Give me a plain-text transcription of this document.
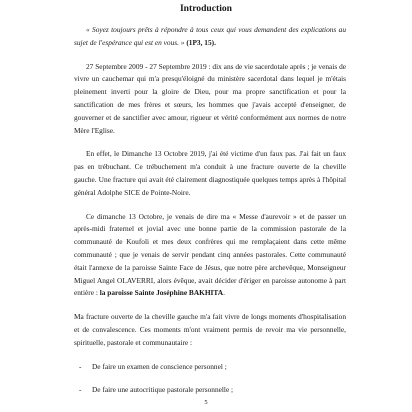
Introduction

« Soyez toujours prêts à répondre à tous ceux qui vous demandent des explications au sujet de l'espérance qui est en vous. » (1P3, 15).

27 Septembre 2009 - 27 Septembre 2019 : dix ans de vie sacerdotale après ; je venais de vivre un cauchemar qui m'a presqu'éloigné du ministère sacerdotal dans lequel je m'étais pleinement inverti pour la gloire de Dieu, pour ma propre sanctification et pour la sanctification de mes frères et sœurs, les hommes que j'avais accepté d'enseigner, de gouverner et de sanctifier avec amour, rigueur et vérité conformément aux normes de notre Mère l'Eglise.

En effet, le Dimanche 13 Octobre 2019, j'ai été victime d'un faux pas. J'ai fait un faux pas en trébuchant. Ce trébuchement m'a conduit à une fracture ouverte de la cheville gauche. Une fracture qui avait été clairement diagnostiquée quelques temps après à l'hôpital général Adolphe SICE de Pointe-Noire.

Ce dimanche 13 Octobre, je venais de dire ma « Messe d'aurevoir » et de passer un après-midi fraternel et jovial avec une bonne partie de la commission pastorale de la communauté de Koufoli et mes deux confrères qui me remplaçaient dans cette même communauté ; que je venais de servir pendant cinq années pastorales. Cette communauté était l'annexe de la paroisse Sainte Face de Jésus, que notre père archevêque, Monseigneur Miguel Angel OLAVERRI, alors évêque, avait décider d'ériger en paroisse autonome à part entière : la paroisse Sainte Joséphine BAKHITA.

Ma fracture ouverte de la cheville gauche m'a fait vivre de longs moments d'hospitalisation et de convalescence. Ces moments m'ont vraiment permis de revoir ma vie personnelle, spirituelle, pastorale et communautaire :

- De faire un examen de conscience personnel ;
- De faire une autocritique pastorale personnelle ;
5
